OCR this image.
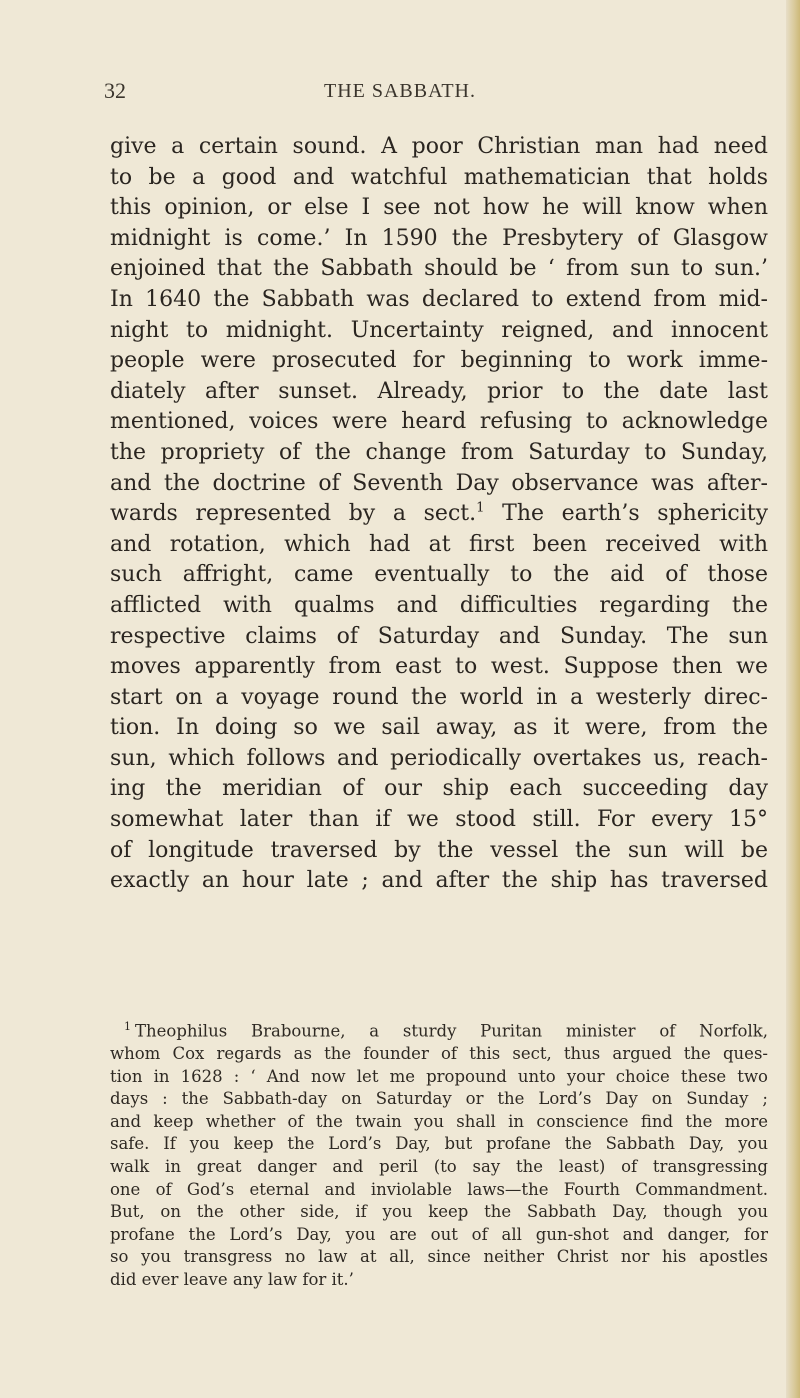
32	THE SABBATH.
give a certain sound. A poor Christian man had need
to be a good and watchful mathematician that holds
this opinion, or else I see not how he will know when
midnight is come.’ In 1590 the Presbytery of Glasgow
enjoined that the Sabbath should be ‘ from sun to sun.’
In 1640 the Sabbath was declared to extend from mid-
night to midnight. Uncertainty reigned, and innocent
people were prosecuted for beginning to work imme-
diately after sunset. Already, prior to the date last
mentioned, voices were heard refusing to acknowledge
the propriety of the change from Saturday to Sunday,
and the doctrine of Seventh Day observance was after-
wards represented by a sect.$^1$ The earth’s sphericity
and rotation, which had at first been received with
such affright, came eventually to the aid of those
afflicted with qualms and difficulties regarding the
respective claims of Saturday and Sunday. The sun
moves apparently from east to west. Suppose then we
start on a voyage round the world in a westerly direc-
tion. In doing so we sail away, as it were, from the
sun, which follows and periodically overtakes us, reach-
ing the meridian of our ship each succeeding day
somewhat later than if we stood still. For every 15°
of longitude traversed by the vessel the sun will be
exactly an hour late ; and after the ship has traversed
$^1$ Theophilus Brabourne, a sturdy Puritan minister of Norfolk,
whom Cox regards as the founder of this sect, thus argued the ques-
tion in 1628 : ‘ And now let me propound unto your choice these two
days : the Sabbath-day on Saturday or the Lord’s Day on Sunday ;
and keep whether of the twain you shall in conscience find the more
safe. If you keep the Lord’s Day, but profane the Sabbath Day, you
walk in great danger and peril (to say the least) of transgressing
one of God’s eternal and inviolable laws—the Fourth Commandment.
But, on the other side, if you keep the Sabbath Day, though you
profane the Lord’s Day, you are out of all gun-shot and danger, for
so you transgress no law at all, since neither Christ nor his apostles
did ever leave any law for it.’
